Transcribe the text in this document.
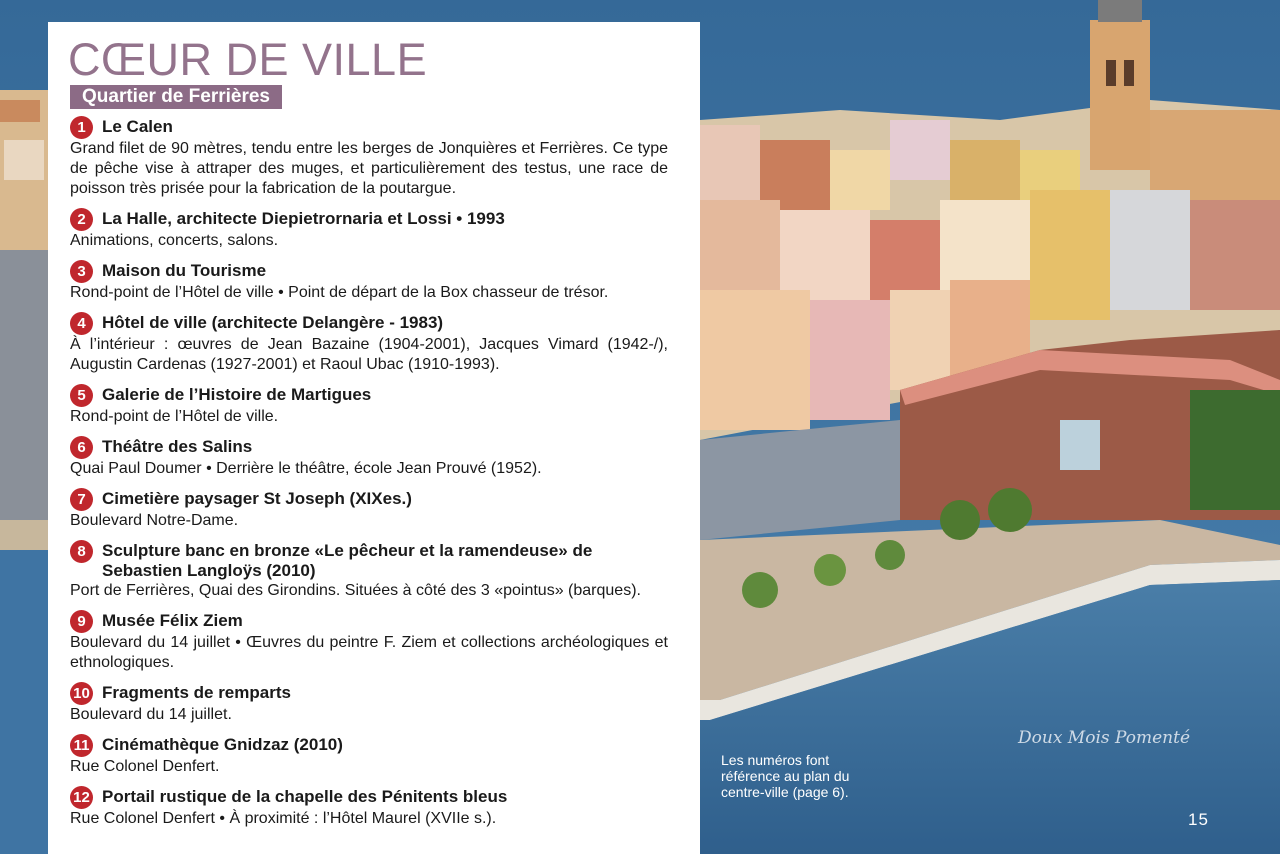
CŒUR DE VILLE
Quartier de Ferrières
1 Le Calen
Grand filet de 90 mètres, tendu entre les berges de Jonquières et Ferrières. Ce type de pêche vise à attraper des muges, et particulièrement des testus, une race de poisson très prisée pour la fabrication de la poutargue.
2 La Halle, architecte Diepietrornaria et Lossi • 1993
Animations, concerts, salons.
3 Maison du Tourisme
Rond-point de l’Hôtel de ville • Point de départ de la Box chasseur de trésor.
4 Hôtel de ville (architecte Delangère - 1983)
À l’intérieur : œuvres de Jean Bazaine (1904-2001), Jacques Vimard (1942-/), Augustin Cardenas (1927-2001) et Raoul Ubac (1910-1993).
5 Galerie de l’Histoire de Martigues
Rond-point de l’Hôtel de ville.
6 Théâtre des Salins
Quai Paul Doumer • Derrière le théâtre, école Jean Prouvé (1952).
7 Cimetière paysager St Joseph (XIXes.)
Boulevard Notre-Dame.
8 Sculpture banc en bronze «Le pêcheur et la ramendeuse» de Sebastien Langloÿs (2010)
Port de Ferrières, Quai des Girondins. Situées à côté des 3 «pointus» (barques).
9 Musée Félix Ziem
Boulevard du 14 juillet • Œuvres du peintre F. Ziem et collections archéologiques et ethnologiques.
10 Fragments de remparts
Boulevard du 14 juillet.
11 Cinémathèque Gnidzaz (2010)
Rue Colonel Denfert.
12 Portail rustique de la chapelle des Pénitents bleus
Rue Colonel Denfert • À proximité : l’Hôtel Maurel (XVIIe s.).
Doux Mois Pomenté
Les numéros font référence au plan du centre-ville (page 6).
15
